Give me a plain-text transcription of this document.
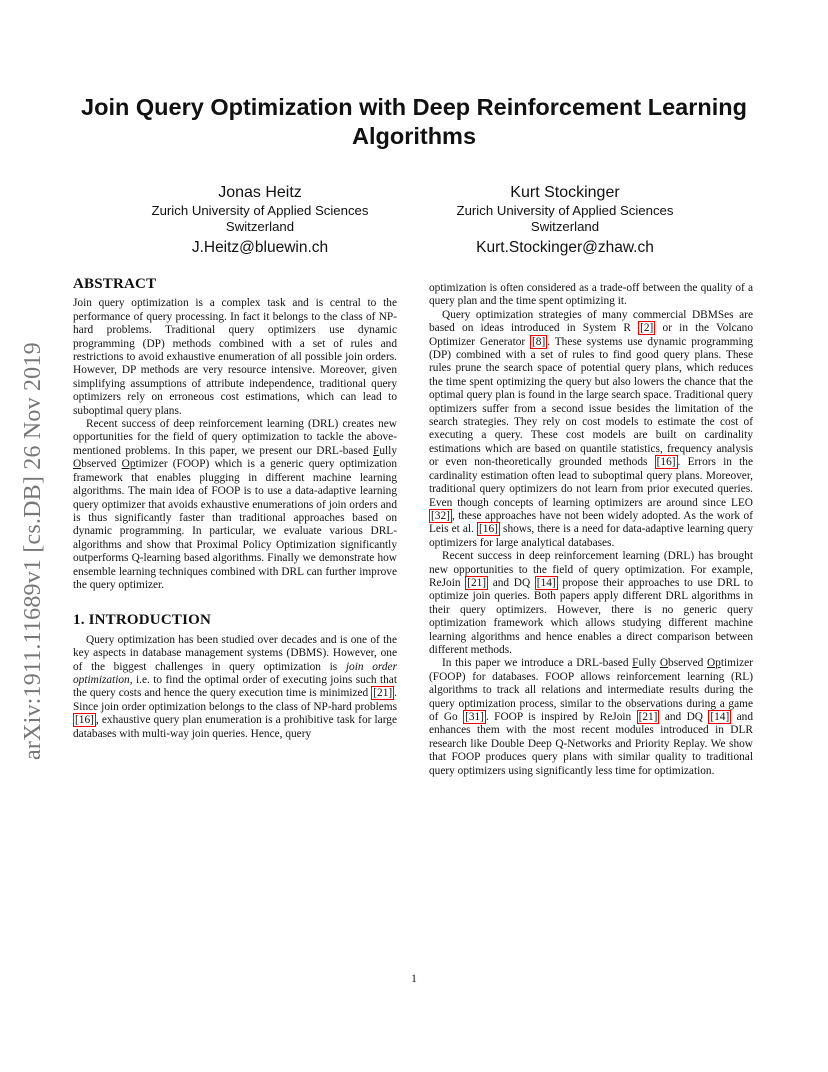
Join Query Optimization with Deep Reinforcement Learning Algorithms
Jonas Heitz
Zurich University of Applied Sciences
Switzerland
J.Heitz@bluewin.ch
Kurt Stockinger
Zurich University of Applied Sciences
Switzerland
Kurt.Stockinger@zhaw.ch
arXiv:1911.11689v1 [cs.DB] 26 Nov 2019
ABSTRACT

Join query optimization is a complex task and is central to the performance of query processing. In fact it belongs to the class of NP-hard problems. Traditional query optimizers use dynamic programming (DP) methods combined with a set of rules and restrictions to avoid exhaustive enumeration of all possible join orders. However, DP methods are very resource intensive. Moreover, given simplifying assumptions of attribute independence, traditional query optimizers rely on erroneous cost estimations, which can lead to suboptimal query plans.

Recent success of deep reinforcement learning (DRL) creates new opportunities for the field of query optimization to tackle the above-mentioned problems. In this paper, we present our DRL-based Fully Observed Optimizer (FOOP) which is a generic query optimization framework that enables plugging in different machine learning algorithms. The main idea of FOOP is to use a data-adaptive learning query optimizer that avoids exhaustive enumerations of join orders and is thus significantly faster than traditional approaches based on dynamic programming. In particular, we evaluate various DRL-algorithms and show that Proximal Policy Optimization significantly outperforms Q-learning based algorithms. Finally we demonstrate how ensemble learning techniques combined with DRL can further improve the query optimizer.

1. INTRODUCTION

Query optimization has been studied over decades and is one of the key aspects in database management systems (DBMS). However, one of the biggest challenges in query optimization is join order optimization, i.e. to find the optimal order of executing joins such that the query costs and hence the query execution time is minimized [21] . Since join order optimization belongs to the class of NP-hard problems [16] , exhaustive query plan enumeration is a prohibitive task for large databases with multi-way join queries. Hence, query

optimization is often considered as a trade-off between the quality of a query plan and the time spent optimizing it.

Query optimization strategies of many commercial DBMSes are based on ideas introduced in System R [2] or in the Volcano Optimizer Generator [8] . These systems use dynamic programming (DP) combined with a set of rules to find good query plans. These rules prune the search space of potential query plans, which reduces the time spent optimizing the query but also lowers the chance that the optimal query plan is found in the large search space. Traditional query optimizers suffer from a second issue besides the limitation of the search strategies. They rely on cost models to estimate the cost of executing a query. These cost models are built on cardinality estimations which are based on quantile statistics, frequency analysis or even non-theoretically grounded methods [16] . Errors in the cardinality estimation often lead to suboptimal query plans. Moreover, traditional query optimizers do not learn from prior executed queries. Even though concepts of learning optimizers are around since LEO [32] , these approaches have not been widely adopted. As the work of Leis et al. [16] shows, there is a need for data-adaptive learning query optimizers for large analytical databases.

Recent success in deep reinforcement learning (DRL) has brought new opportunities to the field of query optimization. For example, ReJoin [21] and DQ [14] propose their approaches to use DRL to optimize join queries. Both papers apply different DRL algorithms in their query optimizers. However, there is no generic query optimization framework which allows studying different machine learning algorithms and hence enables a direct comparison between different methods.

In this paper we introduce a DRL-based Fully Observed Optimizer (FOOP) for databases. FOOP allows reinforcement learning (RL) algorithms to track all relations and intermediate results during the query optimization process, similar to the observations during a game of Go [31] . FOOP is inspired by ReJoin [21] and DQ [14] and enhances them with the most recent modules introduced in DLR research like Double Deep Q-Networks and Priority Replay. We show that FOOP produces query plans with similar quality to traditional query optimizers using significantly less time for optimization.

1
